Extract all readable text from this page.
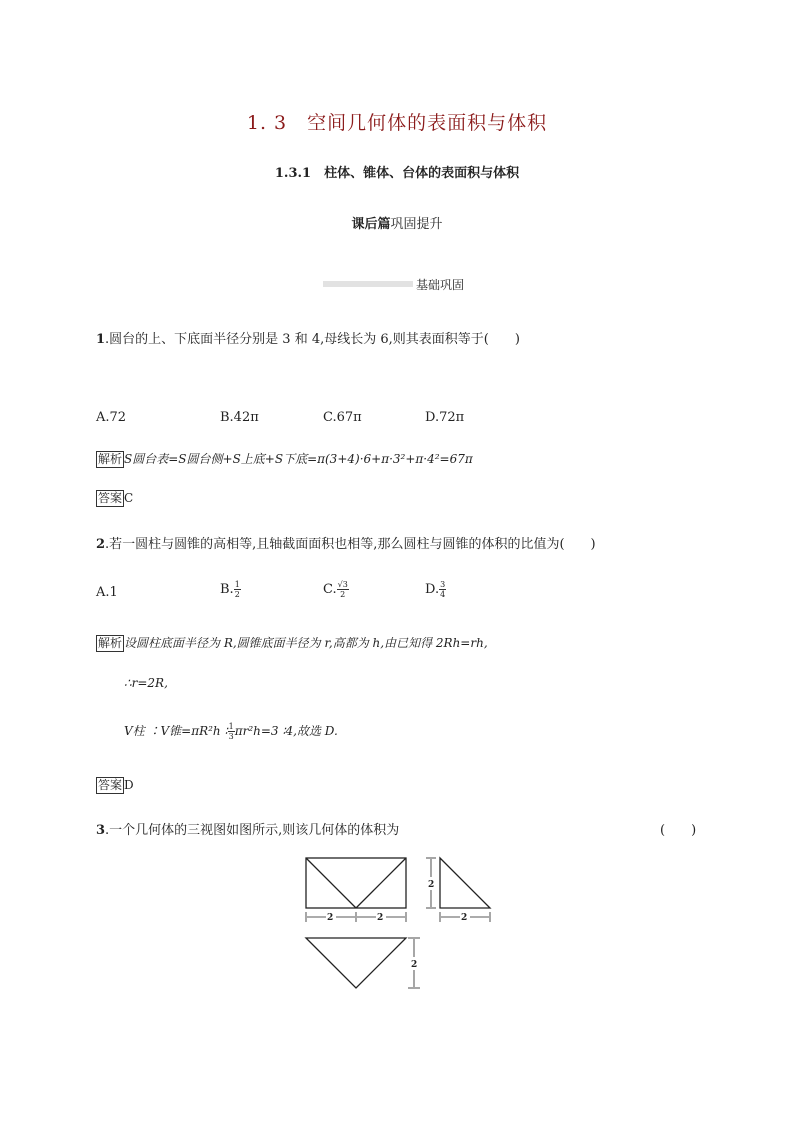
1. 3　空间几何体的表面积与体积
1.3.1　柱体、锥体、台体的表面积与体积
课后篇巩固提升
基础巩固
1.圆台的上、下底面半径分别是 3 和 4,母线长为 6,则其表面积等于(　　)
A.72	B.42π	C.67π	D.72π
解析 S圆台表=S圆台侧+S上底+S下底=π(3+4)·6+π·3²+π·4²=67π
答案 C
2.若一圆柱与圆锥的高相等,且轴截面面积也相等,那么圆柱与圆锥的体积的比值为(　　)
A.1	B. $\frac{1}{2}$	C. $\frac{√3}{2}$	D. $\frac{3}{4}$
解析 设圆柱底面半径为 R,圆锥底面半径为 r,高都为 h,由已知得 2Rh=rh,
∴r=2R,
V柱 ∶V锥=πR²h ∶ $\frac{1}{3} \pi r^2h=3$ ∶4,故选 D.
答案 D
3.一个几何体的三视图如图所示,则该几何体的体积为	(　　)
2	2	2
2
2
